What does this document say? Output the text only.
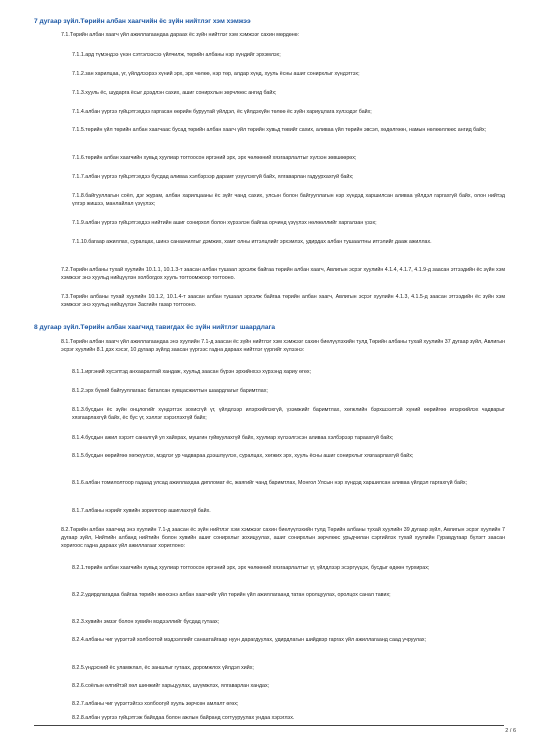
7 дугаар зүйл.Төрийн албан хаагчийн ёс зүйн нийтлэг хэм хэмжээ

7.1.Төрийн албан хаагч үйл ажиллагаандаа дараах ёс зүйн нийтлэг хэм хэмжээг сахин мөрдөнө:

7.1.1.ард түмэндээ үнэн сэтгэлээсээ үйлчилж, төрийн албаны нэр хүндийг эрхэмлэх;

7.1.2.зан харилцаа, үг, үйлдлээрээ хүний эрх, эрх чөлөө, нэр төр, алдар хүнд, хууль ёсны ашиг сонирхлыг хүндэтгэх;

7.1.3.хууль ёс, шударга ёсыг дээдлэн сахих, ашиг сонирхлын зөрчлөөс ангид байх;

7.1.4.албан үүргээ гүйцэтгэхдээ гаргасан өөрийн буруутай үйлдэл, ёс үйлдэхүйн төлөө ёс зүйн хариуцлага хүлээдэг байх;

7.1.5.төрийн үйл төрийн албан хаагчаас бусад төрийн албан хаагч үйл төрийн хувьд төвийг сахих, аливаа үйл төрийн эвсэл, хөдөлгөөн, намын нөлөөллөөс ангид байх;

7.1.6.төрийн албан хаагчийн хувьд хуулиар тогтоосон иргэний эрх, эрх чөлөөний хязгаарлалтыг хүлээн зөвшөөрөх;

7.1.7.албан үүргээ гүйцэтгэхдээ бусдад аливаа хэлбэрээр дарамт үзүүлэхгүй байх, ялгаварлан гадуурхахгүй байх;

7.1.8.байгууллагын соёл, дэг журам, албан харилцааны ёс зүйг чанд сахих, улсын болон байгууллагын нэр хүндэд харшилсан аливаа үйлдэл гаргахгүй байх, олон нийтэд үлгэр жишээ, манлайлал үзүүлэх;

7.1.9.албан үүргээ гүйцэтгэхдээ нийтийн ашиг сонирхол болон хүрээлэн байгаа орчинд үзүүлэх нөлөөллийг харгалзан үзэх;

7.1.10.багаар ажиллах, суралцах, шинэ санаачилгыг дэмжих, хамт олны итгэлцлийг эрхэмлэх, удирдах албан тушаалтны итгэлийг дааж ажиллах.

7.2.Төрийн албаны тухай хуулийн 10.1.1, 10.1.3-т заасан албан тушаал эрхэлж байгаа төрийн албан хаагч, Авлигын эсрэг хуулийн 4.1.4, 4.1.7, 4.1.9-д заасан этгээдийн ёс зүйн хэм хэмжээг энэ хуульд нийцүүлэн холбогдох хууль тогтоомжоор тогтооно.

7.3.Төрийн албаны тухай хуулийн 10.1.2, 10.1.4-т заасан албан тушаал эрхэлж байгаа төрийн албан хаагч, Авлигын эсрэг хуулийн 4.1.3, 4.1.5-д заасан этгээдийн ёс зүйн хэм хэмжээг энэ хуульд нийцүүлэн Засгийн газар тогтооно.

8 дугаар зүйл.Төрийн албан хаагчид тавигдах ёс зүйн нийтлэг шаардлага

8.1.Төрийн албан хаагч үйл ажиллагаандаа энэ хуулийн 7.1-д заасан ёс зүйн нийтлэг хэм хэмжээг сахин биелүүлэхийн тулд Төрийн албаны тухай хуулийн 37 дугаар зүйл, Авлигын эсрэг хуулийн 8.1 дэх хэсэг, 10 дугаар зүйлд заасан үүргээс гадна дараах нийтлэг үүргийг хүлээнэ:

8.1.1.иргэний хүсэлтэд анхааралтай хандаж, хуульд заасан бүрэн эрхийнхээ хүрээнд хариу өгөх;

8.1.2.эрх бүхий байгууллагаас баталсан хувцасжилтын шаардлагыг баримтлах;

8.1.3.бусдын ёс зүйн онцлогийг хүндэтгэх зохисгүй үг, үйлдлээр илэрхийлэхгүй, үзэмжийг баримтлах, хөгжлийн бэрхшээлтэй хүний өөрийгөө илэрхийлэх чадварыг хязгаарлахгүй байх, ёс бус үг, хэллэг хэрэглэхгүй байх;

8.1.4.бусдын ажил хэрэгт саналгүй ул хайхрах, мушгин гуйвуулахгүй байх, хуулиар хүлээлгэсэн аливаа хэлбэрээр тараахгүй байх;

8.1.5.бусдын өөрийгөө хөгжүүлэх, мэдлэг ур чадвараа дээшлүүлэх, суралцах, хөгжих эрх, хууль ёсны ашиг сонирхлыг хязгаарлахгүй байх;

8.1.6.албан томилолтоор гадаад улсад ажиллахдаа дипломат ёс, жаягийг чанд баримтлах, Монгол Улсын нэр хүндэд харшилсан аливаа үйлдэл гаргахгүй байх;

8.1.7.албаны нэрийг хувийн зорилгоор ашиглахгүй байх.

8.2.Төрийн албан хаагчид энэ хуулийн 7.1-д заасан ёс зүйн нийтлэг хэм хэмжээг сахин биелүүлэхийн тулд Төрийн албаны тухай хуулийн 39 дугаар зүйл, Авлигын эсрэг хуулийн 7 дугаар зүйл, Нийтийн албанд нийтийн болон хувийн ашиг сонирхлыг зохицуулах, ашиг сонирхлын зөрчлөөс урьдчилан сэргийлэх тухай хуулийн Гуравдугаар бүлэгт заасан хоригоос гадна дараах үйл ажиллагааг хориглоно:

8.2.1.төрийн албан хаагчийн хувьд хуулиар тогтоосон иргэний эрх, эрх чөлөөний хязгаарлалтыг үг, үйлдлээр эсэргүүцэх, бусдыг өдөөн турхирах;

8.2.2.удирдлагадаа байгаа төрийн жинхэнэ албан хаагчийг үйл төрийн үйл ажиллагаанд татан оролцуулах, оролцох санал тавих;

8.2.3.хувийн эмзэг болон хувийн мэдээллийг бусдад гутаах;

8.2.4.албаны чиг үүрэгтэй холбоотой мэдээллийг санаатайгаар нуун дарагдуулах, удирдлагын шийдвэр гаргах үйл ажиллагаанд саад учруулах;

8.2.5.үндэсний ёс уламжлал, ёс заншлыг гутаах, доромжлох үйлдэл хийх;

8.2.6.соёлын өлгийтэй хөл шинжийг харьцуулах, шүүмжлэх, ялгаварлан хандах;

8.2.7.албаны чиг үүрэгтэйгээ холбоогүй хууль зөрчсөн амлалт өгөх;

8.2.8.албан үүргээ гүйцэтгэж байхдаа болон ажлын байранд согтууруулах ундаа хэрэглэх.

2 / 6
